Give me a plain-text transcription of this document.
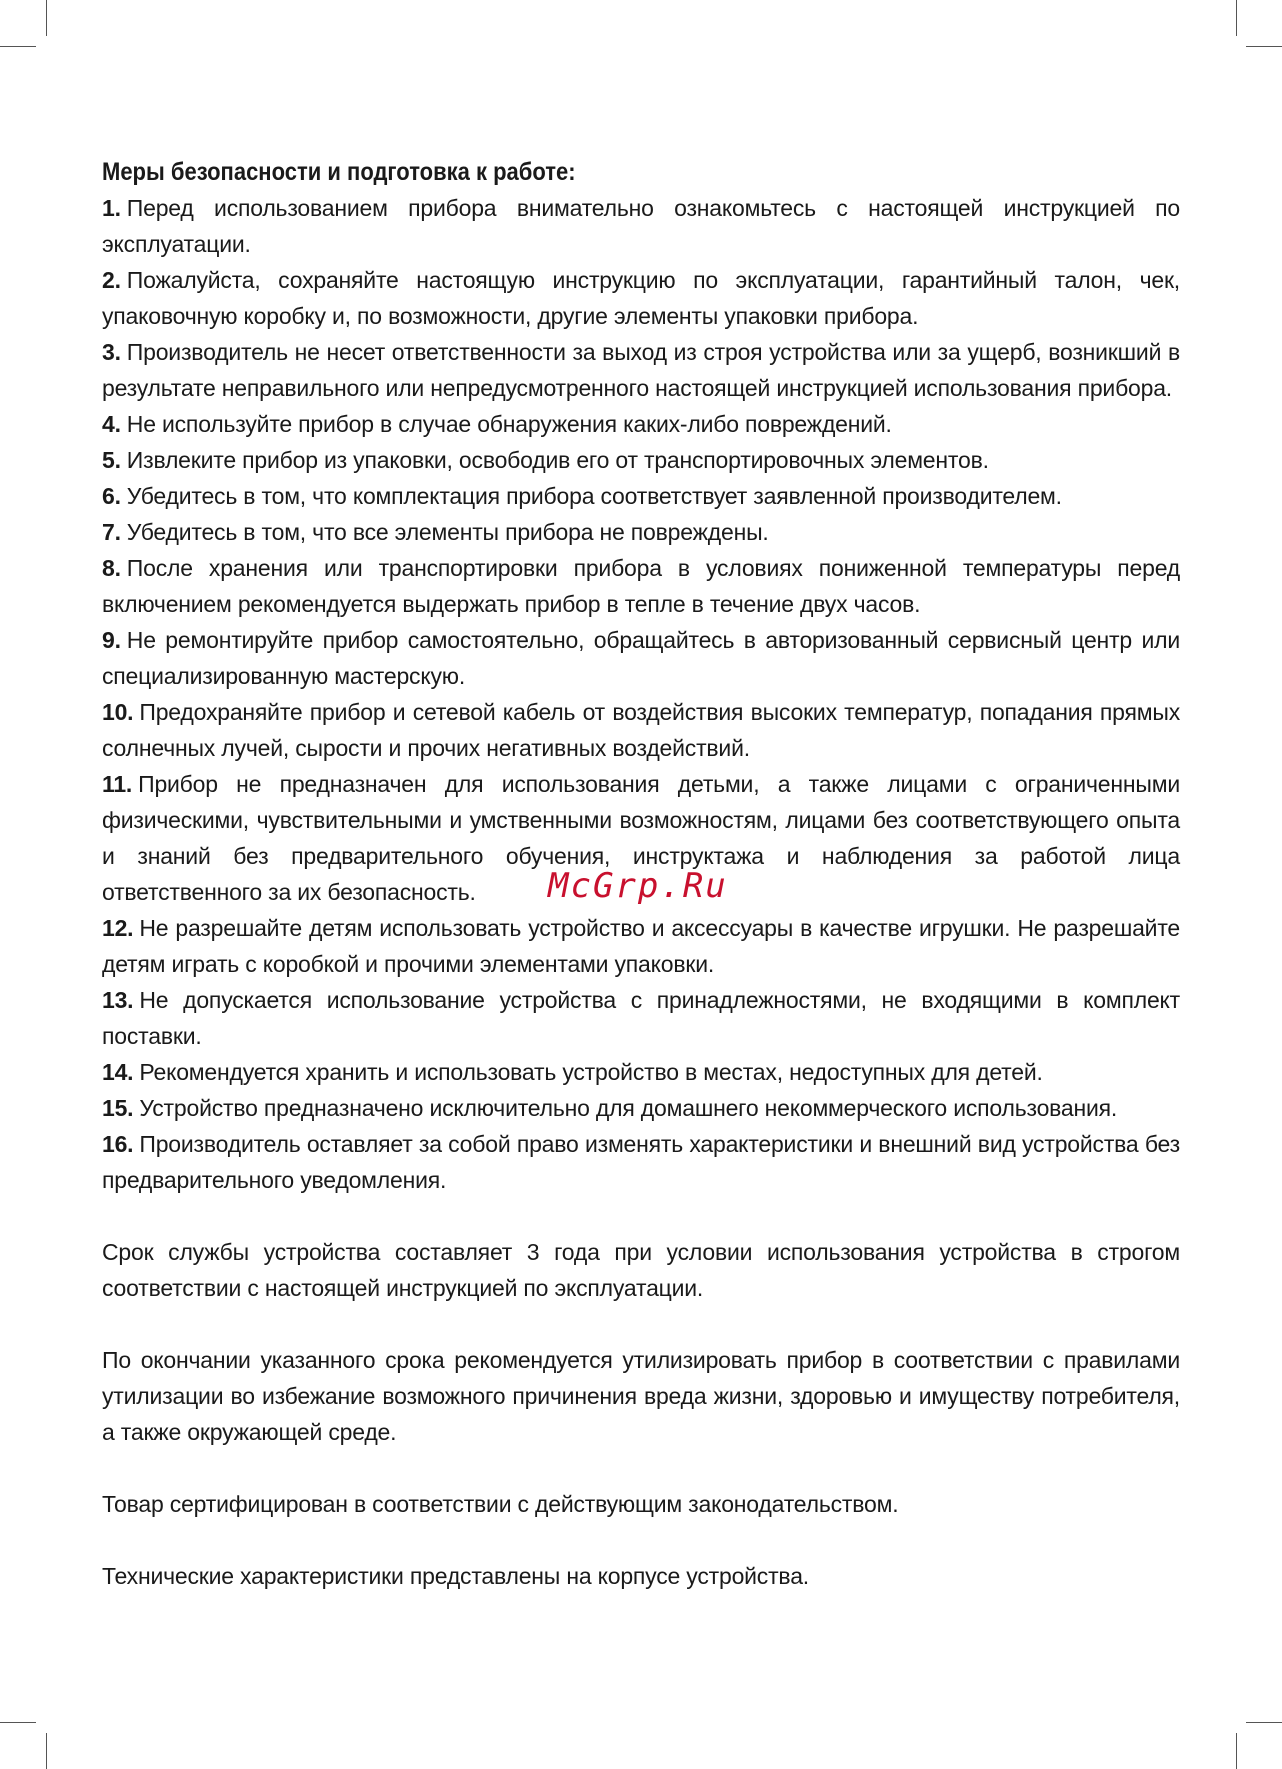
Меры безопасности и подготовка к работе:
1. Перед использованием прибора внимательно ознакомьтесь с настоящей инструкцией по эксплуатации.
2. Пожалуйста, сохраняйте настоящую инструкцию по эксплуатации, гарантийный талон, чек, упаковочную коробку и, по возможности, другие элементы упаковки прибора.
3. Производитель не несет ответственности за выход из строя устройства или за ущерб, возникший в результате неправильного или непредусмотренного настоящей инструкцией использования прибора.
4. Не используйте прибор в случае обнаружения каких-либо повреждений.
5. Извлеките прибор из упаковки, освободив его от транспортировочных элементов.
6. Убедитесь в том, что комплектация прибора соответствует заявленной производителем.
7. Убедитесь в том, что все элементы прибора не повреждены.
8. После хранения или транспортировки прибора в условиях пониженной температуры перед включением рекомендуется выдержать прибор в тепле в течение двух часов.
9. Не ремонтируйте прибор самостоятельно, обращайтесь в авторизованный сервисный центр или специализированную мастерскую.
10. Предохраняйте прибор и сетевой кабель от воздействия высоких температур, попадания прямых солнечных лучей, сырости и прочих негативных воздействий.
11. Прибор не предназначен для использования детьми, а также лицами с ограниченными физическими, чувствительными и умственными возможностям, лицами без соответствующего опыта и знаний без предварительного обучения, инструктажа и наблюдения за работой лица ответственного за их безопасность.
12. Не разрешайте детям использовать устройство и аксессуары в качестве игрушки. Не разрешайте детям играть с коробкой и прочими элементами упаковки.
13. Не допускается использование устройства с принадлежностями, не входящими в комплект поставки.
14. Рекомендуется хранить и использовать устройство в местах, недоступных для детей.
15. Устройство предназначено исключительно для домашнего некоммерческого использования.
16. Производитель оставляет за собой право изменять характеристики и внешний вид устройства без предварительного уведомления.

Срок службы устройства составляет 3 года при условии использования устройства в строгом соответствии с настоящей инструкцией по эксплуатации.

По окончании указанного срока рекомендуется утилизировать прибор в соответствии с правилами утилизации во избежание возможного причинения вреда жизни, здоровью и имуществу потребителя, а также окружающей среде.

Товар сертифицирован в соответствии с действующим законодательством.

Технические характеристики представлены на корпусе устройства.

McGrp.Ru
